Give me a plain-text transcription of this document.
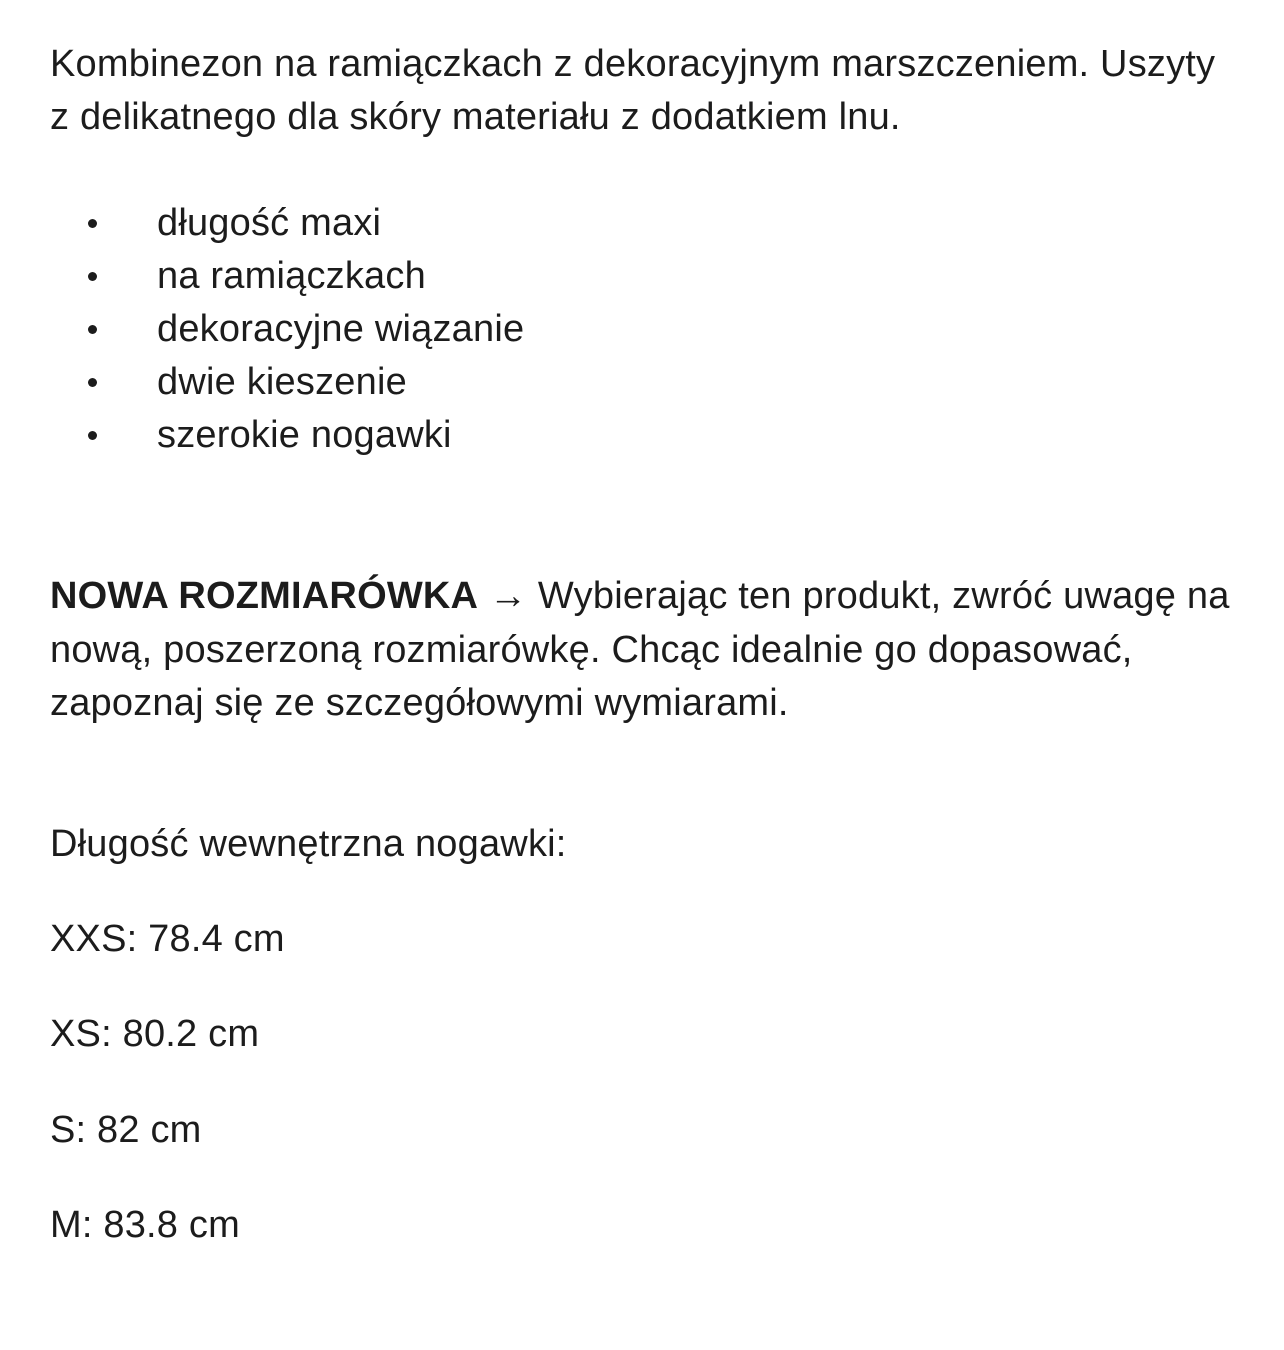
Kombinezon na ramiączkach z dekoracyjnym marszczeniem. Uszyty z delikatnego dla skóry materiału z dodatkiem lnu.

długość maxi
na ramiączkach
dekoracyjne wiązanie
dwie kieszenie
szerokie nogawki

NOWA ROZMIARÓWKA → Wybierając ten produkt, zwróć uwagę na nową, poszerzoną rozmiarówkę. Chcąc idealnie go dopasować, zapoznaj się ze szczegółowymi wymiarami.

Długość wewnętrzna nogawki:

XXS: 78.4 cm
XS: 80.2 cm
S: 82 cm
M: 83.8 cm
